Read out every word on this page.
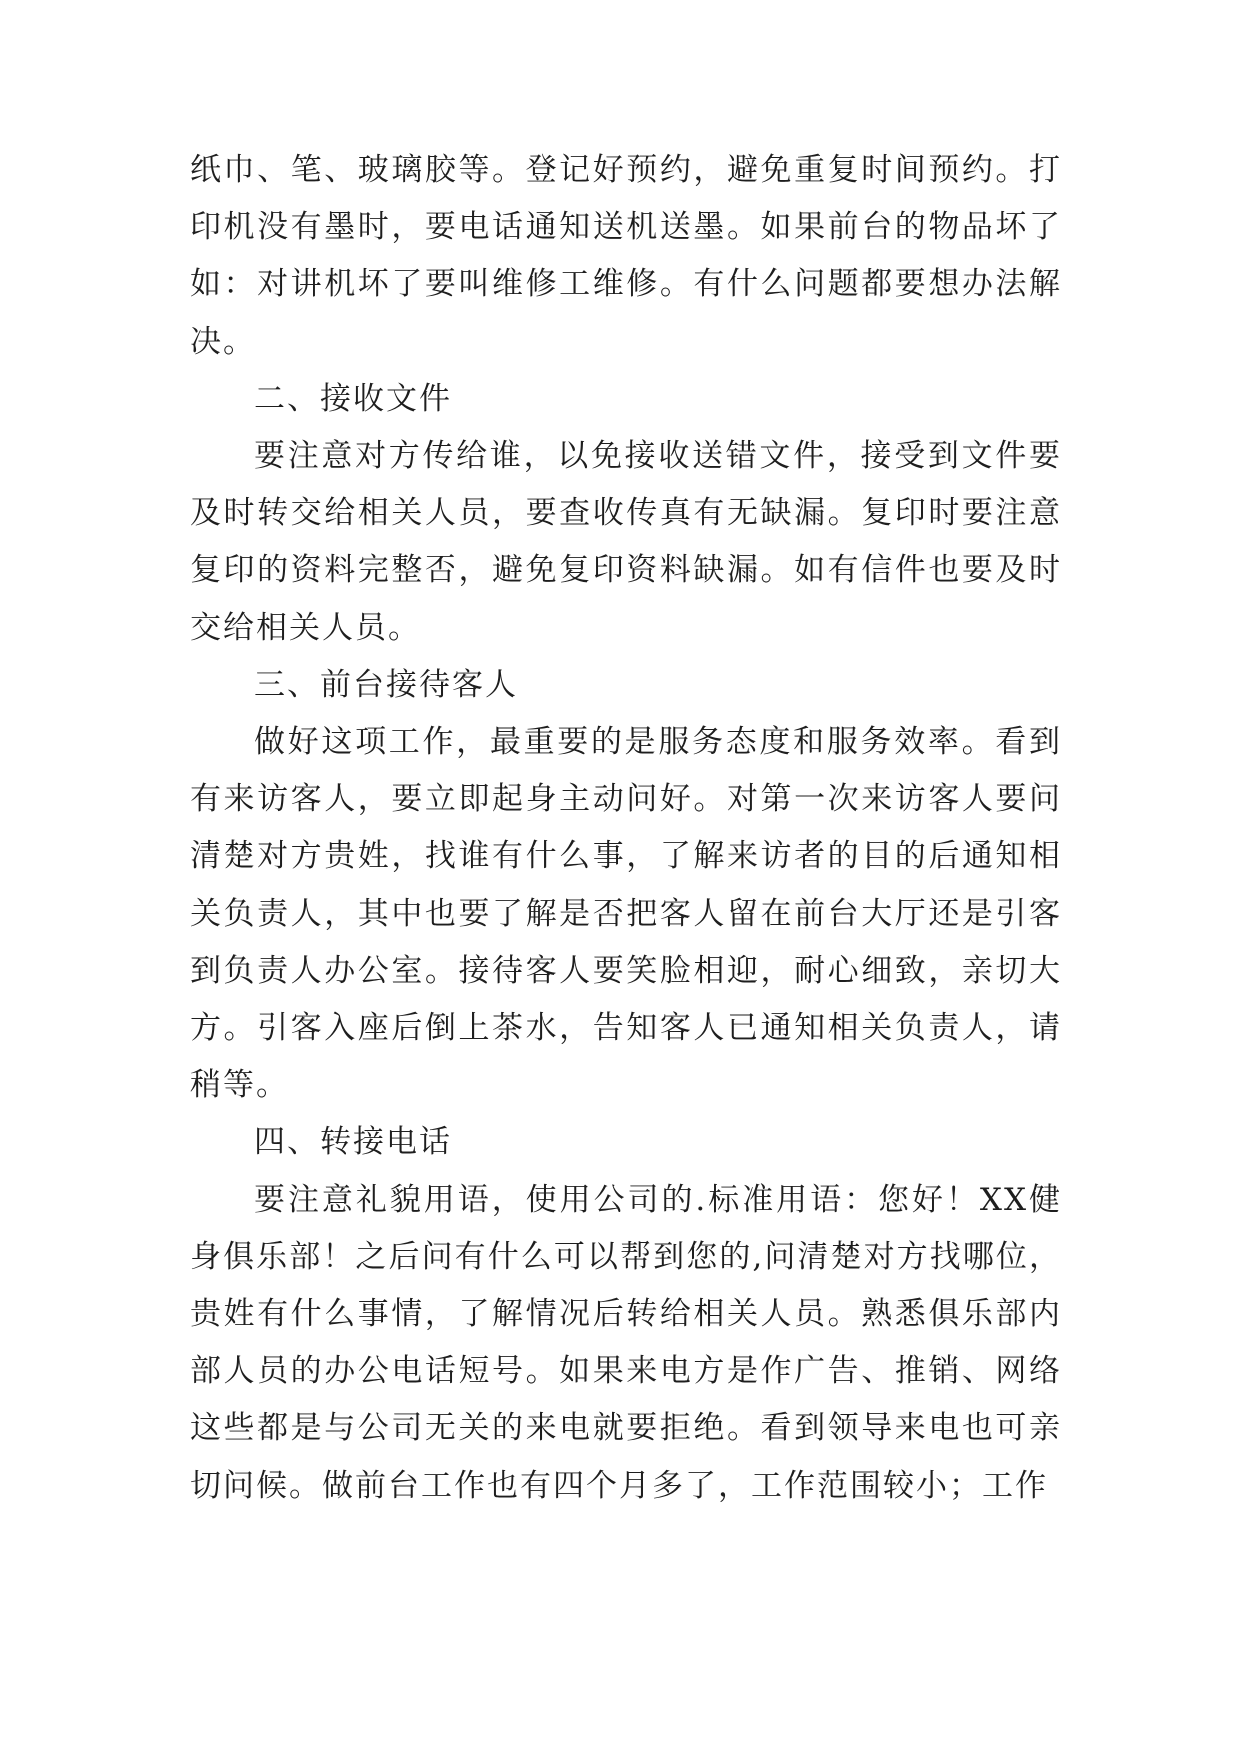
纸巾、笔、玻璃胶等。登记好预约，避免重复时间预约。打印机没有墨时，要电话通知送机送墨。如果前台的物品坏了如：对讲机坏了要叫维修工维修。有什么问题都要想办法解决。

二、接收文件

要注意对方传给谁，以免接收送错文件，接受到文件要及时转交给相关人员，要查收传真有无缺漏。复印时要注意复印的资料完整否，避免复印资料缺漏。如有信件也要及时交给相关人员。

三、前台接待客人

做好这项工作，最重要的是服务态度和服务效率。看到有来访客人，要立即起身主动问好。对第一次来访客人要问清楚对方贵姓，找谁有什么事，了解来访者的目的后通知相关负责人，其中也要了解是否把客人留在前台大厅还是引客到负责人办公室。接待客人要笑脸相迎，耐心细致，亲切大方。引客入座后倒上茶水，告知客人已通知相关负责人，请稍等。

四、转接电话

要注意礼貌用语，使用公司的.标准用语：您好！XX健身俱乐部！之后问有什么可以帮到您的,问清楚对方找哪位，贵姓有什么事情，了解情况后转给相关人员。熟悉俱乐部内部人员的办公电话短号。如果来电方是作广告、推销、网络这些都是与公司无关的来电就要拒绝。看到领导来电也可亲切问候。做前台工作也有四个月多了，工作范围较小；工作
